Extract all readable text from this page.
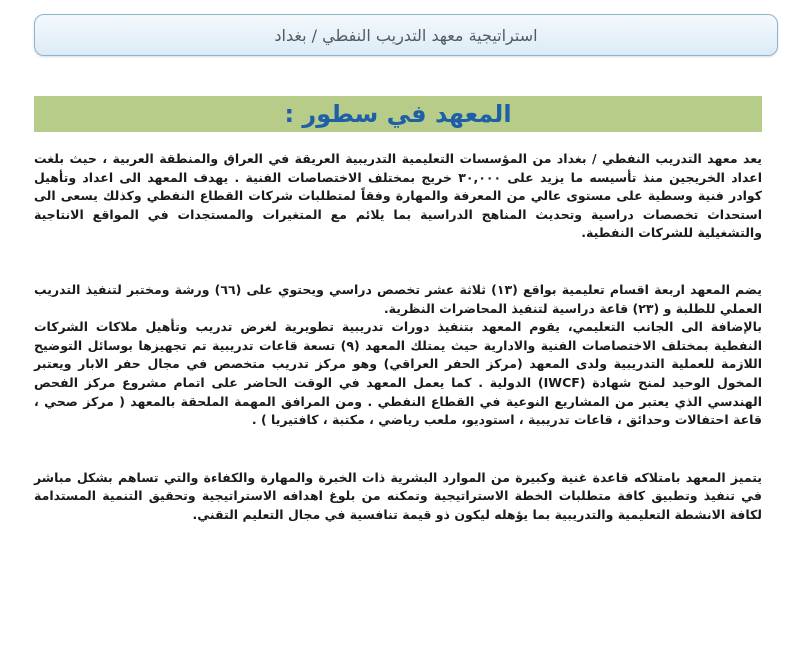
استراتيجية معهد التدريب النفطي / بغداد
المعهد في سطور :

يعد معهد التدريب النفطي / بغداد من المؤسسات التعليمية التدريبية العريقة في العراق والمنطقة العربية ، حيث بلغت اعداد الخريجين منذ تأسيسه ما يزيد على ٣٠,٠٠٠ خريج بمختلف الاختصاصات الفنية . يهدف المعهد الى اعداد وتأهيل كوادر فنية وسطية على مستوى عالي من المعرفة والمهارة وفقاً لمتطلبات شركات القطاع النفطي وكذلك يسعى الى استحداث تخصصات دراسية وتحديث المناهج الدراسية بما يلائم مع المتغيرات والمستجدات في المواقع الانتاجية والتشغيلية للشركات النفطية.

يضم المعهد اربعة اقسام تعليمية بواقع (١٣) ثلاثة عشر تخصص دراسي ويحتوي على (٦٦) ورشة ومختبر لتنفيذ التدريب العملي للطلبة و (٢٣) قاعة دراسية لتنفيذ المحاضرات النظرية.

بالإضافة الى الجانب التعليمي، يقوم المعهد بتنفيذ دورات تدريبية تطويرية لغرض تدريب وتأهيل ملاكات الشركات النفطية بمختلف الاختصاصات الفنية والادارية حيث يمتلك المعهد (٩) تسعة قاعات تدريبية تم تجهيزها بوسائل التوضيح اللازمة للعملية التدريبية ولدى المعهد (مركز الحفر العراقي) وهو مركز تدريب متخصص في مجال حفر الابار ويعتبر المخول الوحيد لمنح شهادة (IWCF) الدولية . كما يعمل المعهد في الوقت الحاضر على اتمام مشروع مركز الفحص الهندسي الذي يعتبر من المشاريع النوعية في القطاع النفطي . ومن المرافق المهمة الملحقة بالمعهد ( مركز صحي ، قاعة احتفالات وحدائق ، قاعات تدريبية ، استوديو، ملعب رياضي ، مكتبة ، كافتيريا ) .

يتميز المعهد بامتلاكه قاعدة غنية وكبيرة من الموارد البشرية ذات الخبرة والمهارة والكفاءة والتي تساهم بشكل مباشر في تنفيذ وتطبيق كافة متطلبات الخطة الاستراتيجية وتمكنه من بلوغ اهدافه الاستراتيجية وتحقيق التنمية المستدامة لكافة الانشطة التعليمية والتدريبية بما يؤهله ليكون ذو قيمة تنافسية في مجال التعليم التقني.
